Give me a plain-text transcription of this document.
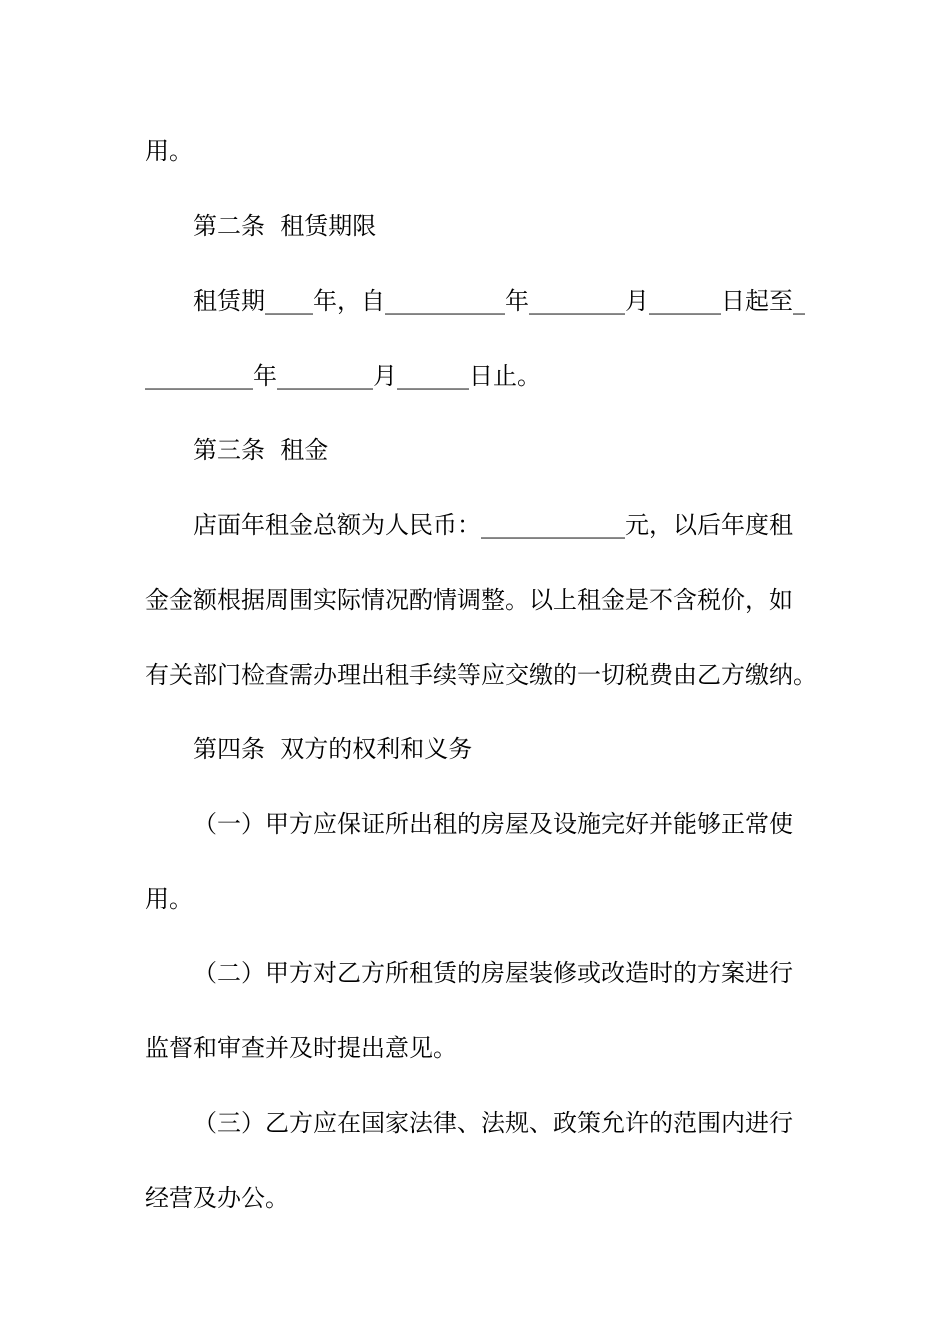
用。
第二条  租赁期限
租赁期____年，自__________年________月______日起至_
_________年________月______日止。
第三条  租金
店面年租金总额为人民币：____________元，以后年度租
金金额根据周围实际情况酌情调整。以上租金是不含税价，如
有关部门检查需办理出租手续等应交缴的一切税费由乙方缴纳。
第四条  双方的权利和义务
（一）甲方应保证所出租的房屋及设施完好并能够正常使
用。
（二）甲方对乙方所租赁的房屋装修或改造时的方案进行
监督和审查并及时提出意见。
（三）乙方应在国家法律、法规、政策允许的范围内进行
经营及办公。
